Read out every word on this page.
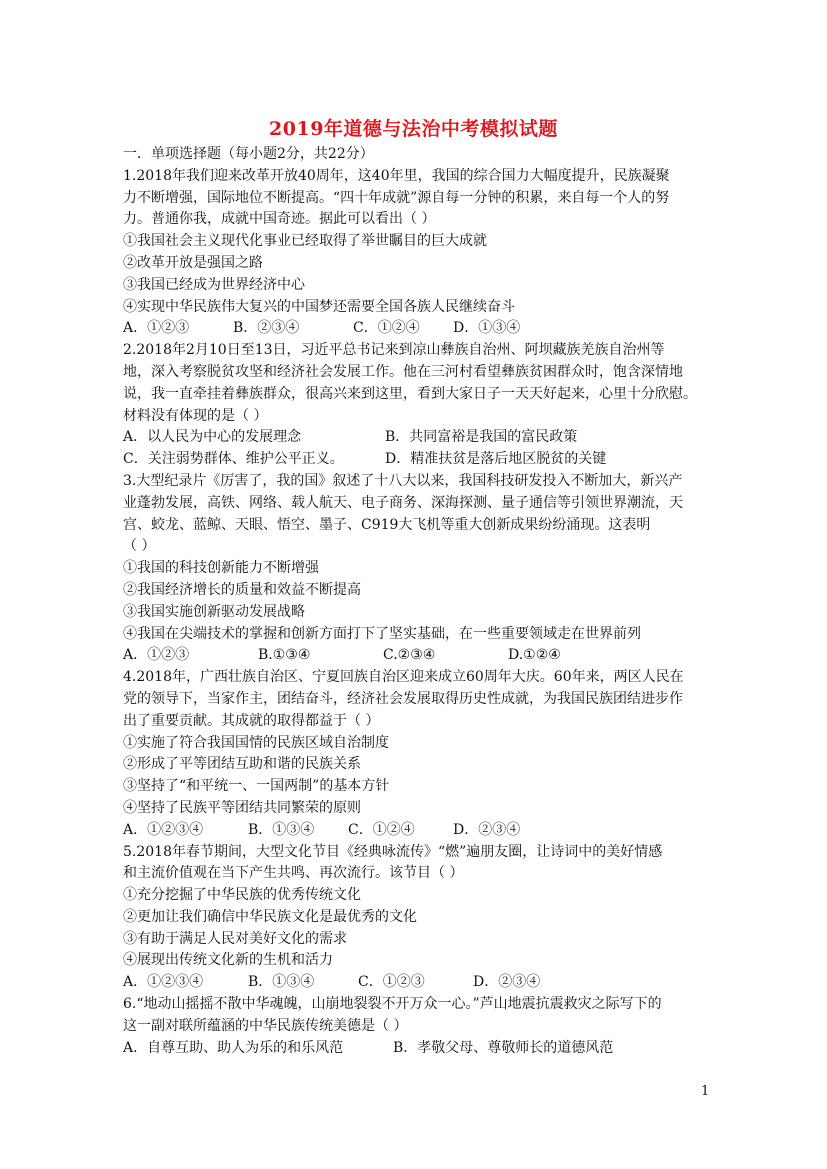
2019年道德与法治中考模拟试题
一．单项选择题（每小题2分，共22分）
1.2018年我们迎来改革开放40周年，这40年里，我国的综合国力大幅度提升，民族凝聚
力不断增强，国际地位不断提高。“四十年成就”源自每一分钟的积累，来自每一个人的努
力。普通你我，成就中国奇迹。据此可以看出（ ）
①我国社会主义现代化事业已经取得了举世瞩目的巨大成就
②改革开放是强国之路
③我国已经成为世界经济中心
④实现中华民族伟大复兴的中国梦还需要全国各族人民继续奋斗
A．①②③	B．②③④	C．①②④	D．①③④
2.2018年2月10日至13日，习近平总书记来到凉山彝族自治州、阿坝藏族羌族自治州等
地，深入考察脱贫攻坚和经济社会发展工作。他在三河村看望彝族贫困群众时，饱含深情地
说，我一直牵挂着彝族群众，很高兴来到这里，看到大家日子一天天好起来，心里十分欣慰。
材料没有体现的是（ ）
A．以人民为中心的发展理念	B．共同富裕是我国的富民政策
C．关注弱势群体、维护公平正义。	D．精准扶贫是落后地区脱贫的关键
3.大型纪录片《厉害了，我的国》叙述了十八大以来，我国科技研发投入不断加大，新兴产
业蓬勃发展，高铁、网络、载人航天、电子商务、深海探测、量子通信等引领世界潮流，天
宫、蛟龙、蓝鲸、天眼、悟空、墨子、C919大飞机等重大创新成果纷纷涌现。这表明
（ ）
①我国的科技创新能力不断增强
②我国经济增长的质量和效益不断提高
③我国实施创新驱动发展战略
④我国在尖端技术的掌握和创新方面打下了坚实基础，在一些重要领域走在世界前列
A．①②③	B.①③④	C.②③④	D.①②④
4.2018年，广西壮族自治区、宁夏回族自治区迎来成立60周年大庆。60年来，两区人民在
党的领导下，当家作主，团结奋斗，经济社会发展取得历史性成就，为我国民族团结进步作
出了重要贡献。其成就的取得都益于（ ）
①实施了符合我国国情的民族区域自治制度
②形成了平等团结互助和谐的民族关系
③坚持了“和平统一、一国两制”的基本方针
④坚持了民族平等团结共同繁荣的原则
A．①②③④	B．①③④	C．①②④	D．②③④
5.2018年春节期间，大型文化节目《经典咏流传》“燃”遍朋友圈，让诗词中的美好情感
和主流价值观在当下产生共鸣、再次流行。该节目（ ）
①充分挖掘了中华民族的优秀传统文化
②更加让我们确信中华民族文化是最优秀的文化
③有助于满足人民对美好文化的需求
④展现出传统文化新的生机和活力
A．①②③④	B．①③④	C．①②③	D．②③④
6.“地动山摇摇不散中华魂魄，山崩地裂裂不开万众一心。”芦山地震抗震救灾之际写下的
这一副对联所蕴涵的中华民族传统美德是（ ）
A．自尊互助、助人为乐的和乐风范	B．孝敬父母、尊敬师长的道德风范
1
